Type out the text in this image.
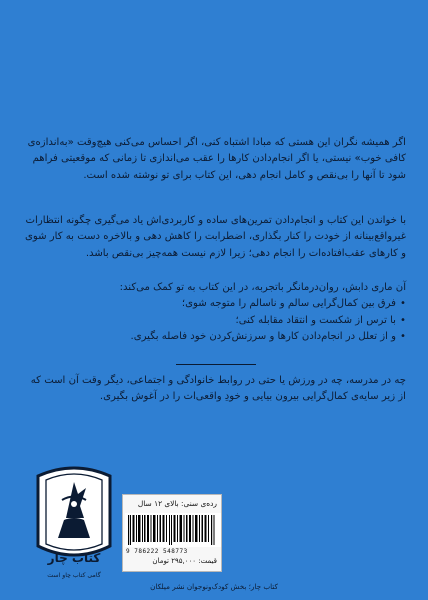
اگر همیشه نگران این هستی که مبادا اشتباه کنی، اگر احساس می‌کنی هیچ‌وقت «به‌اندازه‌ی کافی خوب» نیستی، یا اگر انجام‌دادن کارها را عقب می‌اندازی تا زمانی که موقعیتی فراهم شود تا آنها را بی‌نقص و کامل انجام دهی، این کتاب برای تو نوشته شده است.
با خواندن این کتاب و انجام‌دادن تمرین‌های ساده و کاربردی‌اش یاد می‌گیری چگونه انتظارات غیرواقع‌بینانه از خودت را کنار بگذاری، اضطرابت را کاهش دهی و بالاخره دست به کار شوی و کارهای عقب‌افتاده‌ات را انجام دهی؛ زیرا لازم نیست همه‌چیز بی‌نقص باشد.
آن ماری دابش، روان‌درمانگر باتجربه، در این کتاب به تو کمک می‌کند:
• فرق بین کمال‌گرایی سالم و ناسالم را متوجه شوی؛
• با ترس از شکست و انتقاد مقابله کنی؛
• و از تعلل در انجام‌دادن کارها و سرزنش‌کردن خود فاصله بگیری.
چه در مدرسه، چه در ورزش یا حتی در روابط خانوادگی و اجتماعی، دیگر وقت آن است که از زیر سایه‌ی کمال‌گرایی بیرون بیایی و خودِ واقعی‌ات را در آغوش بگیری.
کتاب چار
گامی کتاب چاو است
رده‌ی سنی: بالای ۱۲ سال
9 786222 548773
قیمت: ۲۹۵,۰۰۰ تومان
کتاب چار؛ بخش کودک‌ونوجوان نشر میلکان
